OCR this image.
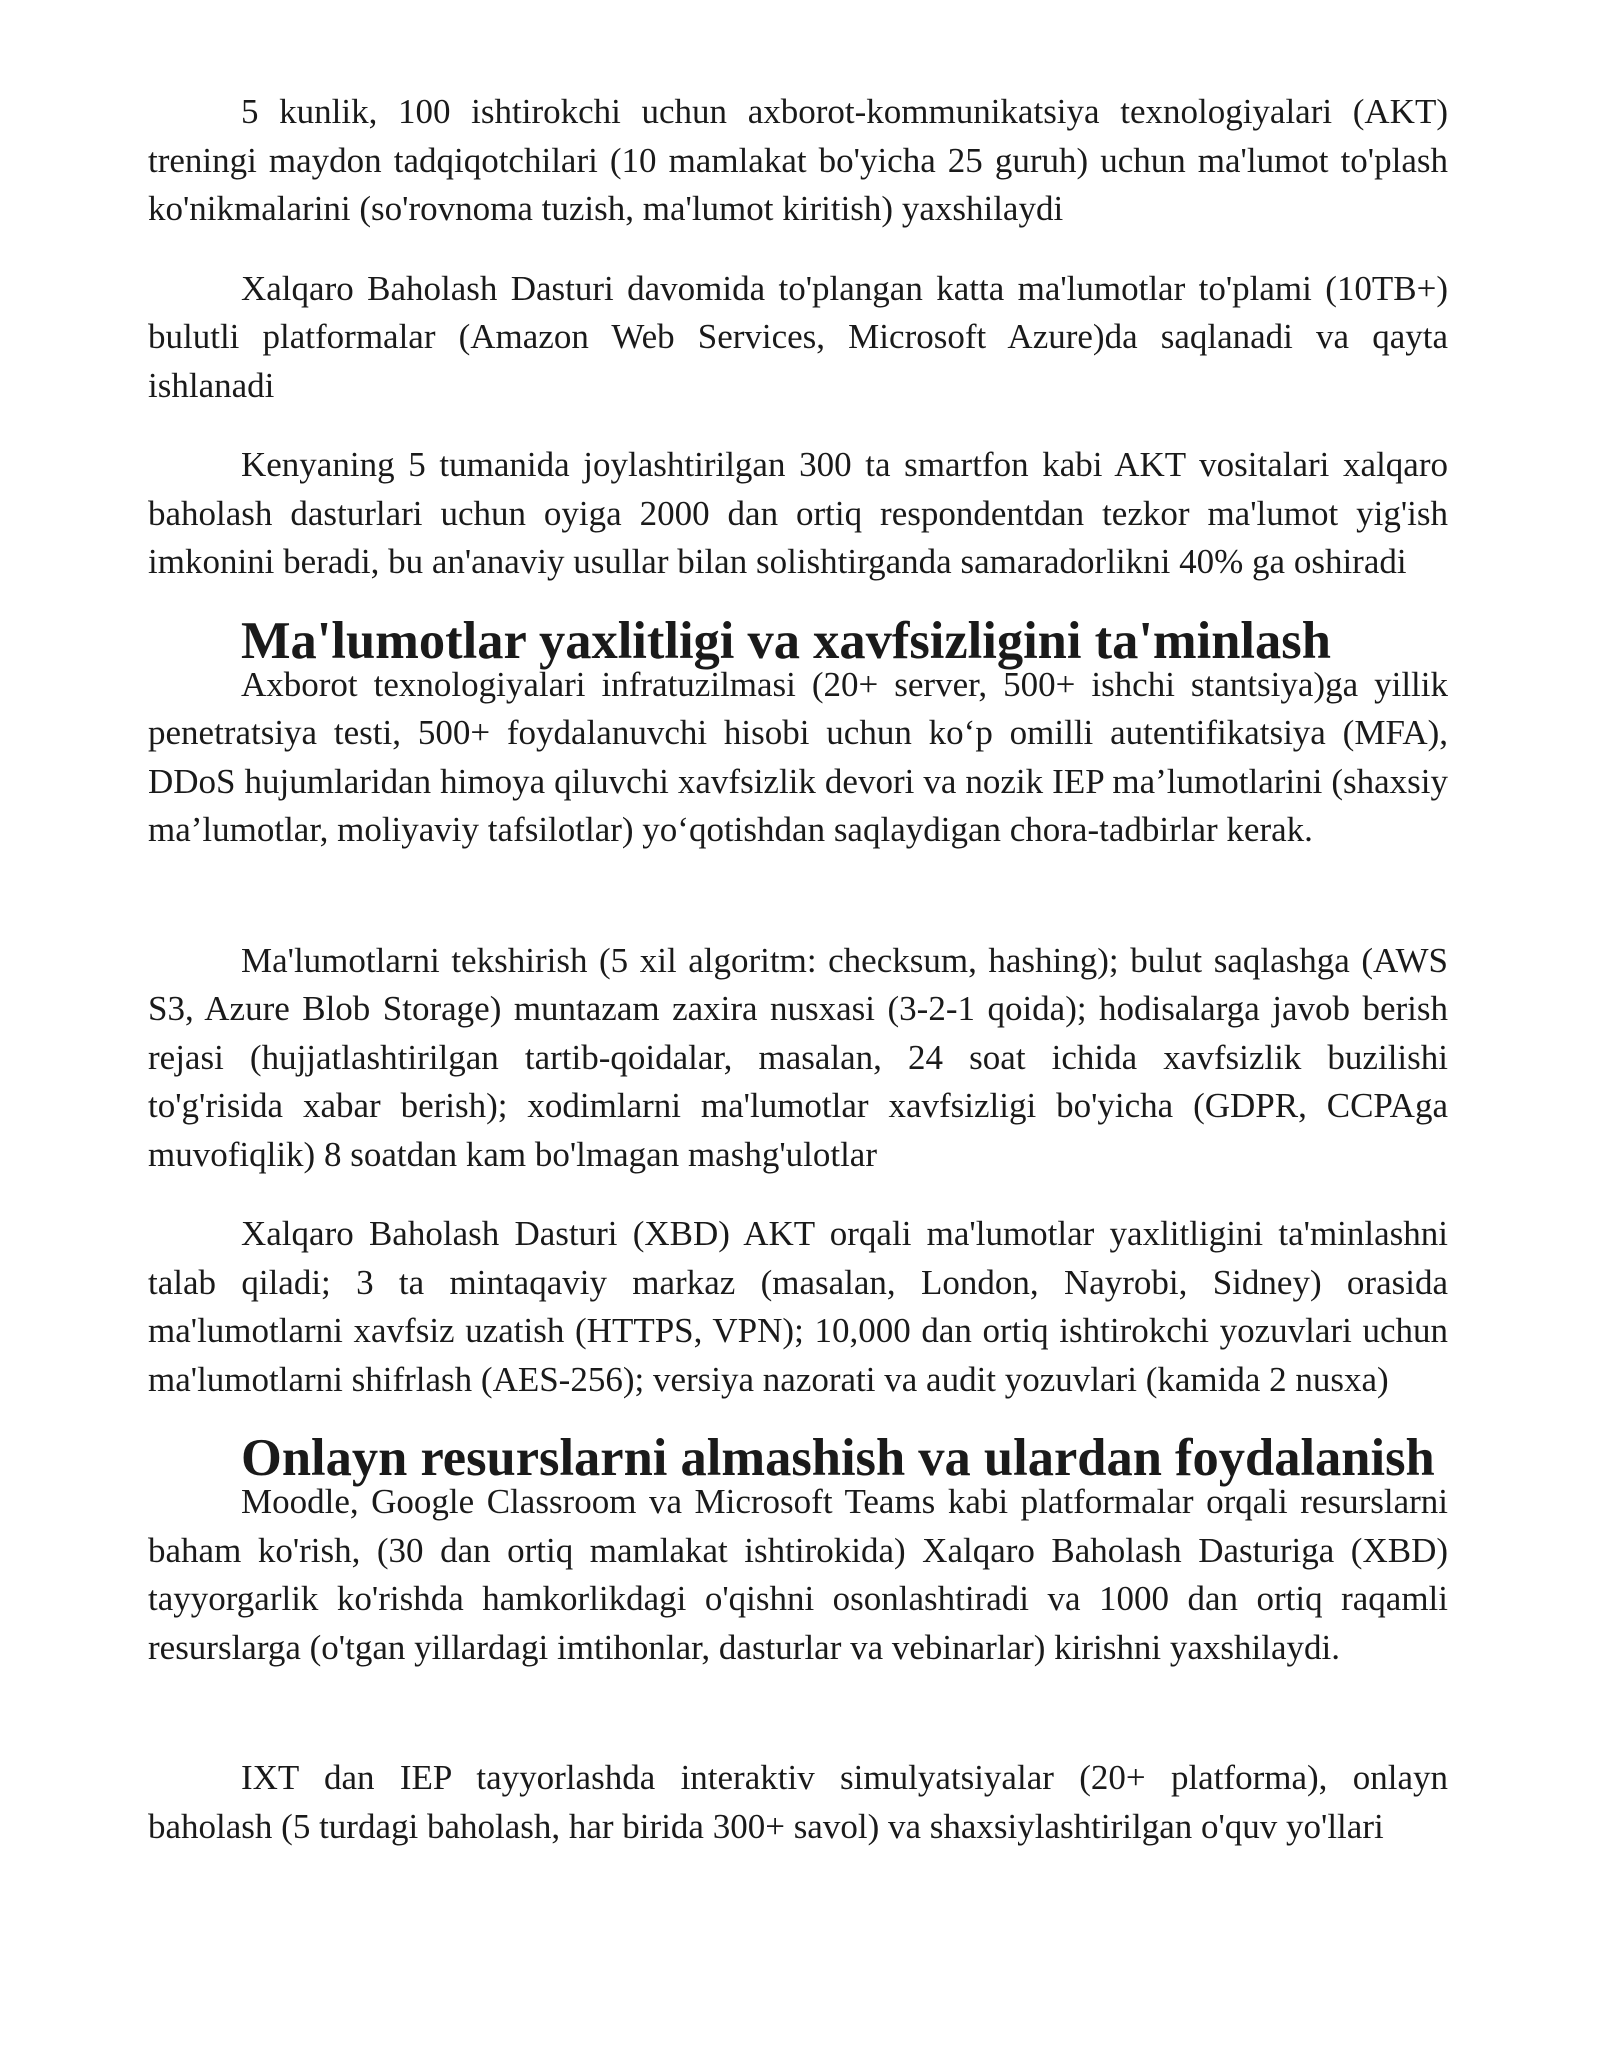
5 kunlik, 100 ishtirokchi uchun axborot-kommunikatsiya texnologiyalari (AKT) treningi maydon tadqiqotchilari (10 mamlakat bo'yicha 25 guruh) uchun ma'lumot to'plash ko'nikmalarini (so'rovnoma tuzish, ma'lumot kiritish) yaxshilaydi

Xalqaro Baholash Dasturi davomida to'plangan katta ma'lumotlar to'plami (10TB+) bulutli platformalar (Amazon Web Services, Microsoft Azure)da saqlanadi va qayta ishlanadi

Kenyaning 5 tumanida joylashtirilgan 300 ta smartfon kabi AKT vositalari xalqaro baholash dasturlari uchun oyiga 2000 dan ortiq respondentdan tezkor ma'lumot yig'ish imkonini beradi, bu an'anaviy usullar bilan solishtirganda samaradorlikni 40% ga oshiradi

Ma'lumotlar yaxlitligi va xavfsizligini ta'minlash

Axborot texnologiyalari infratuzilmasi (20+ server, 500+ ishchi stantsiya)ga yillik penetratsiya testi, 500+ foydalanuvchi hisobi uchun ko‘p omilli autentifikatsiya (MFA), DDoS hujumlaridan himoya qiluvchi xavfsizlik devori va nozik IEP ma’lumotlarini (shaxsiy ma’lumotlar, moliyaviy tafsilotlar) yo‘qotishdan saqlaydigan chora-tadbirlar kerak.

Ma'lumotlarni tekshirish (5 xil algoritm: checksum, hashing); bulut saqlashga (AWS S3, Azure Blob Storage) muntazam zaxira nusxasi (3-2-1 qoida); hodisalarga javob berish rejasi (hujjatlashtirilgan tartib-qoidalar, masalan, 24 soat ichida xavfsizlik buzilishi to'g'risida xabar berish); xodimlarni ma'lumotlar xavfsizligi bo'yicha (GDPR, CCPAga muvofiqlik) 8 soatdan kam bo'lmagan mashg'ulotlar

Xalqaro Baholash Dasturi (XBD) AKT orqali ma'lumotlar yaxlitligini ta'minlashni talab qiladi; 3 ta mintaqaviy markaz (masalan, London, Nayrobi, Sidney) orasida ma'lumotlarni xavfsiz uzatish (HTTPS, VPN); 10,000 dan ortiq ishtirokchi yozuvlari uchun ma'lumotlarni shifrlash (AES-256); versiya nazorati va audit yozuvlari (kamida 2 nusxa)

Onlayn resurslarni almashish va ulardan foydalanish

Moodle, Google Classroom va Microsoft Teams kabi platformalar orqali resurslarni baham ko'rish, (30 dan ortiq mamlakat ishtirokida) Xalqaro Baholash Dasturiga (XBD) tayyorgarlik ko'rishda hamkorlikdagi o'qishni osonlashtiradi va 1000 dan ortiq raqamli resurslarga (o'tgan yillardagi imtihonlar, dasturlar va vebinarlar) kirishni yaxshilaydi.

IXT dan IEP tayyorlashda interaktiv simulyatsiyalar (20+ platforma), onlayn baholash (5 turdagi baholash, har birida 300+ savol) va shaxsiylashtirilgan o'quv yo'llari
